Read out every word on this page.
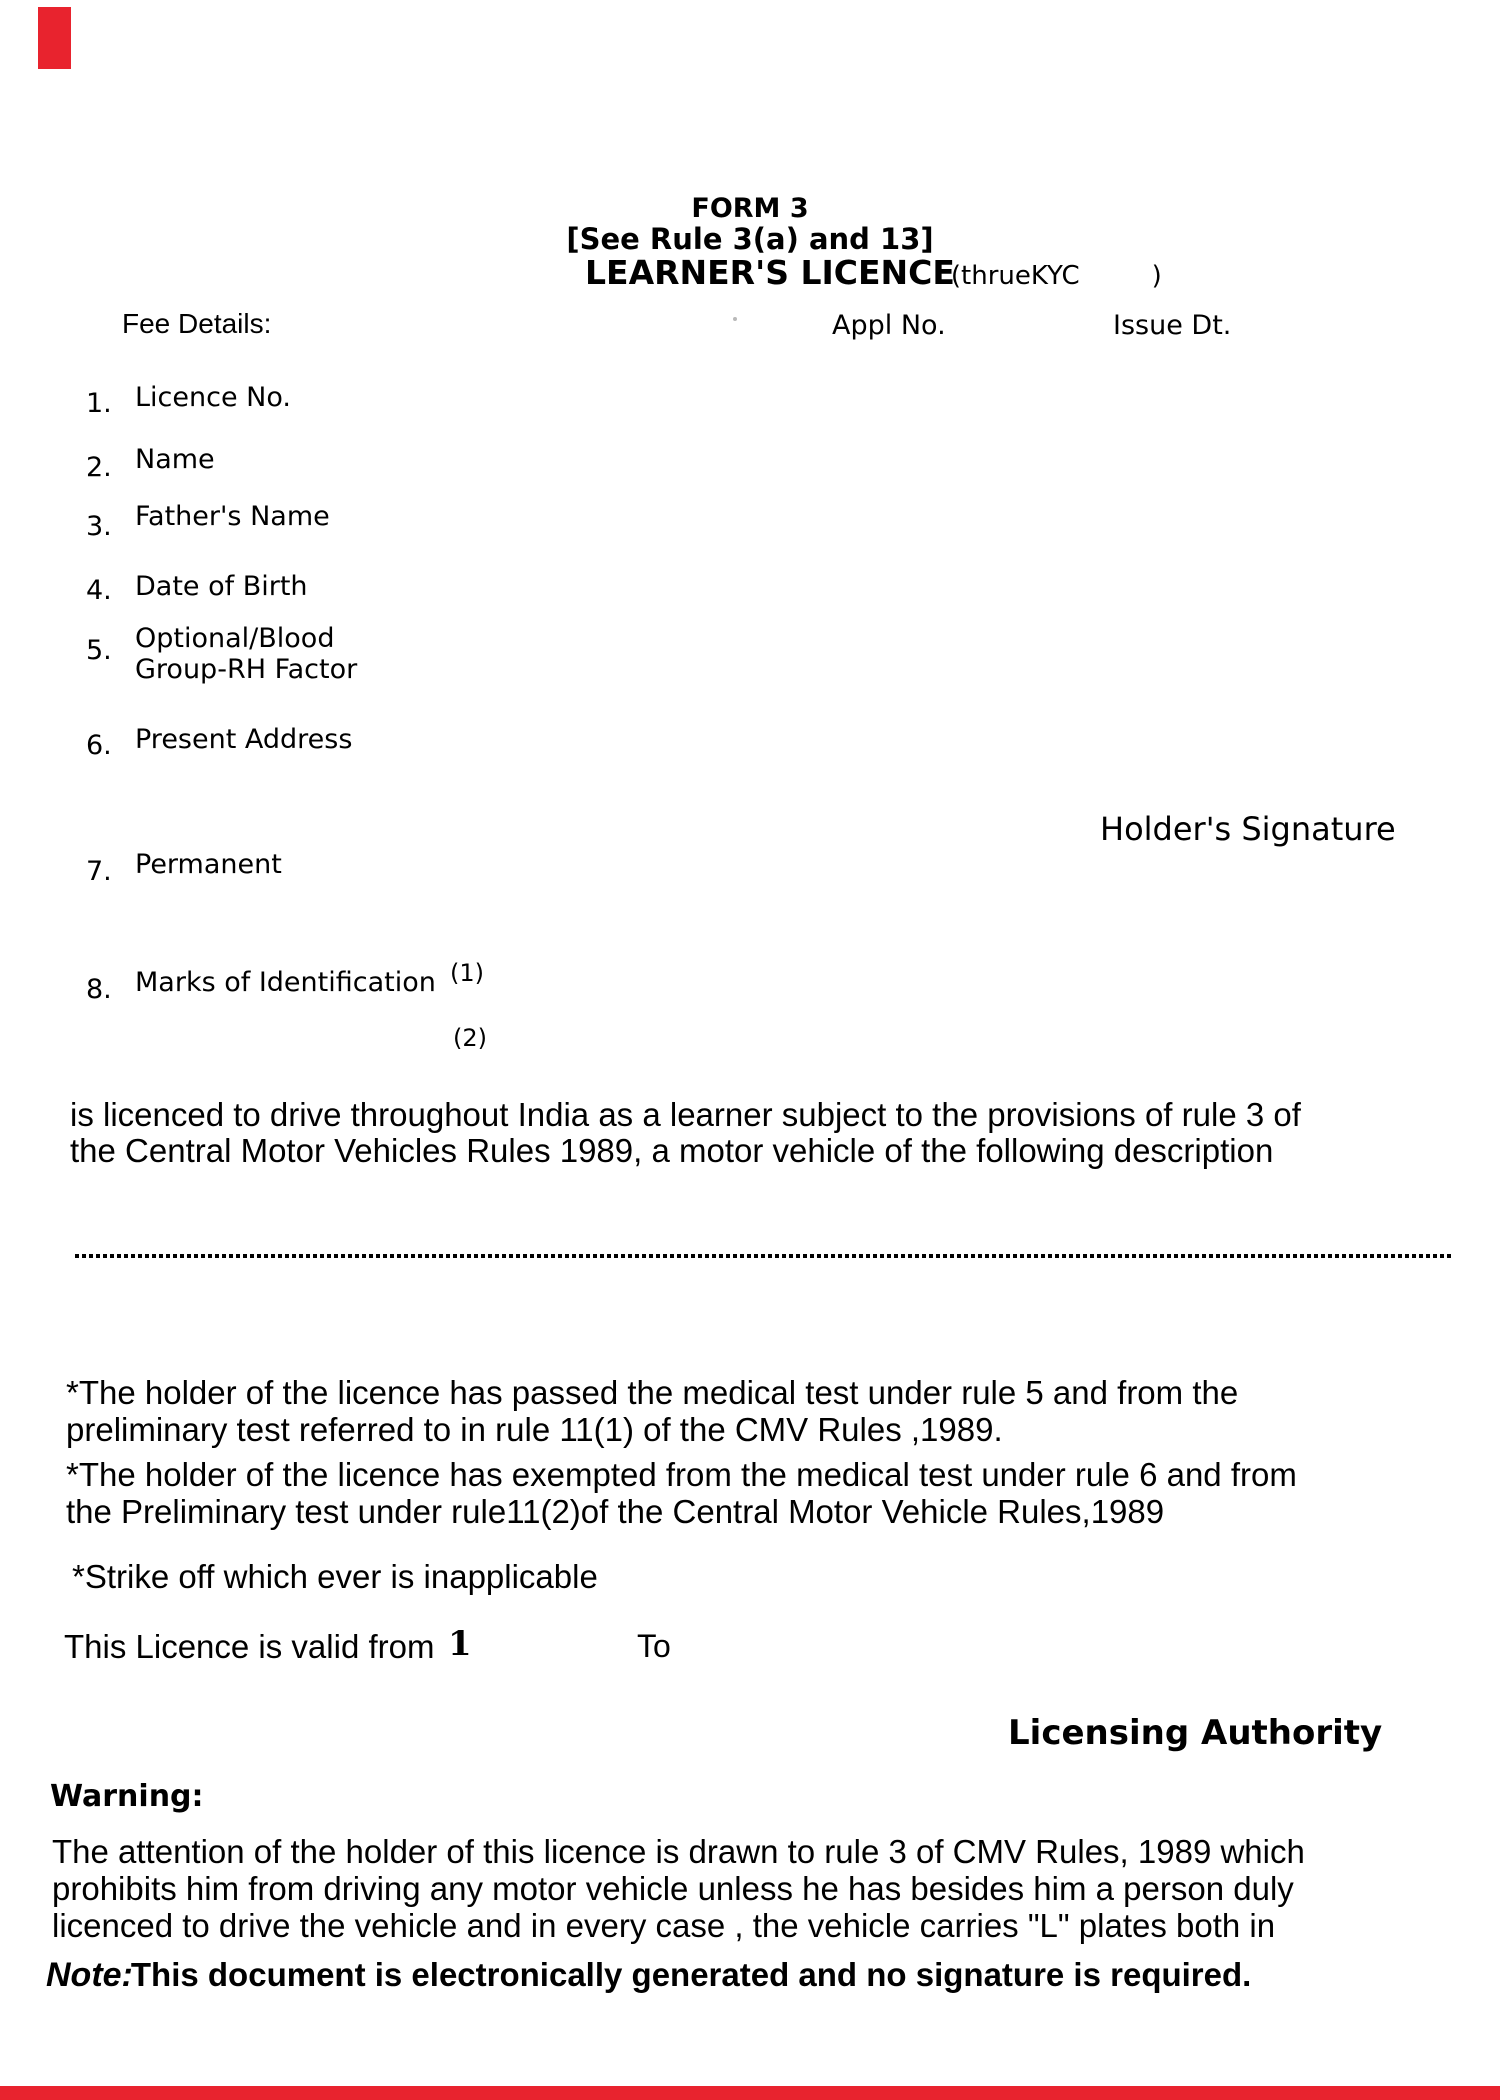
FORM 3
[See Rule 3(a) and 13]
LEARNER'S LICENCE(thrueKYC	)
Fee Details:	Appl No.	Issue Dt.
1. Licence No.
2. Name
3. Father's Name
4. Date of Birth
5. Optional/Blood Group-RH Factor
6. Present Address
7. Permanent
8. Marks of Identification (1)
(2)
Holder's Signature
is licenced to drive throughout India as a learner subject to the provisions of rule 3 of
the Central Motor Vehicles Rules 1989, a motor vehicle of the following description
*The holder of the licence has passed the medical test under rule 5 and from the
preliminary test referred to in rule 11(1) of the CMV Rules ,1989.
*The holder of the licence has exempted from the medical test under rule 6 and from
the Preliminary test under rule11(2)of the Central Motor Vehicle Rules,1989
*Strike off which ever is inapplicable
This Licence is valid from 1	To
Licensing Authority
Warning:
The attention of the holder of this licence is drawn to rule 3 of CMV Rules, 1989 which
prohibits him from driving any motor vehicle unless he has besides him a person duly
licenced to drive the vehicle and in every case , the vehicle carries "L" plates both in
Note:This document is electronically generated and no signature is required.
